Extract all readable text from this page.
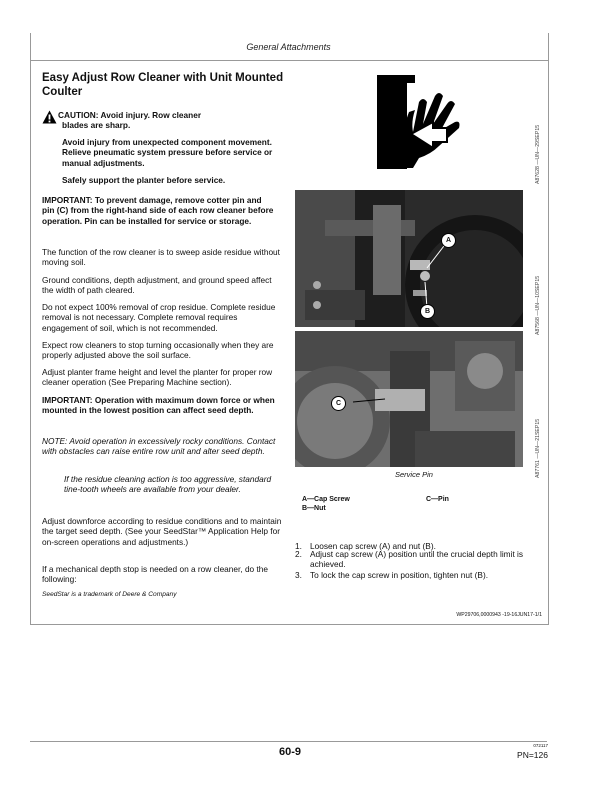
General Attachments
Easy Adjust Row Cleaner with Unit Mounted Coulter
CAUTION: Avoid injury. Row cleaner
blades are sharp.
Avoid injury from unexpected component movement. Relieve pneumatic system pressure before service or manual adjustments.
Safely support the planter before service.
IMPORTANT: To prevent damage, remove cotter pin and pin (C) from the right-hand side of each row cleaner before operation. Pin can be installed for service or storage.
The function of the row cleaner is to sweep aside residue without moving soil.
Ground conditions, depth adjustment, and ground speed affect the width of path cleared.
Do not expect 100% removal of crop residue. Complete residue removal is not necessary. Complete removal requires engagement of soil, which is not recommended.
Expect row cleaners to stop turning occasionally when they are properly adjusted above the soil surface.
Adjust planter frame height and level the planter for proper row cleaner operation (See Preparing Machine section).
IMPORTANT: Operation with maximum down force or when mounted in the lowest position can affect seed depth.
NOTE: Avoid operation in excessively rocky conditions. Contact with obstacles can raise entire row unit and alter seed depth.
If the residue cleaning action is too aggressive, standard tine-tooth wheels are available from your dealer.
Adjust downforce according to residue conditions and to maintain the target seed depth. (See your SeedStar™ Application Help for on-screen operations and adjustments.)
If a mechanical depth stop is needed on a row cleaner, do the following:
SeedStar is a trademark of Deere & Company
A87628 —UN—29SEP15
A
B	A87568 —UN—10SEP15
C
A87761 —UN—21SEP15
Service Pin
A—Cap Screw
B—Nut
C—Pin
1. Loosen cap screw (A) and nut (B).
2. Adjust cap screw (A) position until the crucial depth limit is achieved.
3. To lock the cap screw in position, tighten nut (B).
WP29706,0000943 -19-16JUN17-1/1
60-9
072117
PN=126
